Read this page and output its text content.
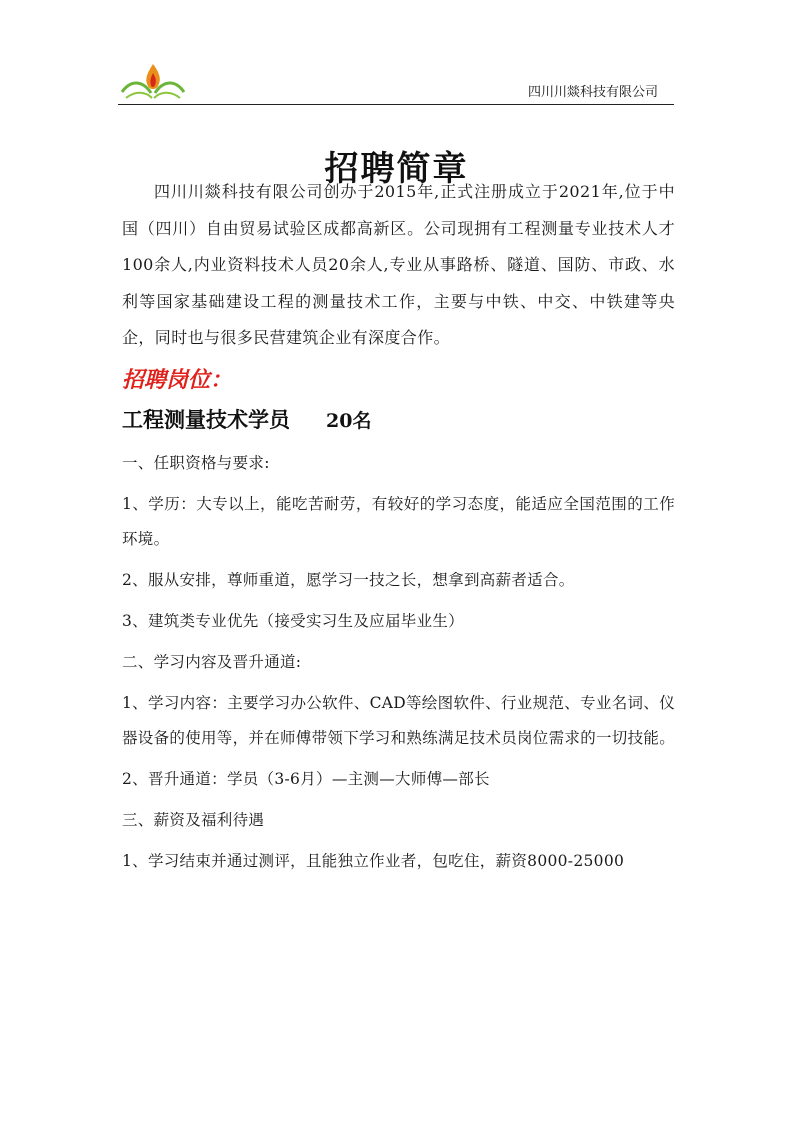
四川川燚科技有限公司
招聘简章

四川川燚科技有限公司创办于2015年,正式注册成立于2021年,位于中国（四川）自由贸易试验区成都高新区。公司现拥有工程测量专业技术人才100余人,内业资料技术人员20余人,专业从事路桥、隧道、国防、市政、水利等国家基础建设工程的测量技术工作，主要与中铁、中交、中铁建等央企，同时也与很多民营建筑企业有深度合作。

招聘岗位：
工程测量技术学员 20名

一、任职资格与要求:

1、学历：大专以上，能吃苦耐劳，有较好的学习态度，能适应全国范围的工作环境。

2、服从安排，尊师重道，愿学习一技之长，想拿到高薪者适合。

3、建筑类专业优先（接受实习生及应届毕业生）

二、学习内容及晋升通道:

1、学习内容：主要学习办公软件、CAD等绘图软件、行业规范、专业名词、仪器设备的使用等，并在师傅带领下学习和熟练满足技术员岗位需求的一切技能。

2、晋升通道：学员（3-6月）—主测—大师傅—部长

三、薪资及福利待遇

1、学习结束并通过测评，且能独立作业者，包吃住，薪资8000-25000
